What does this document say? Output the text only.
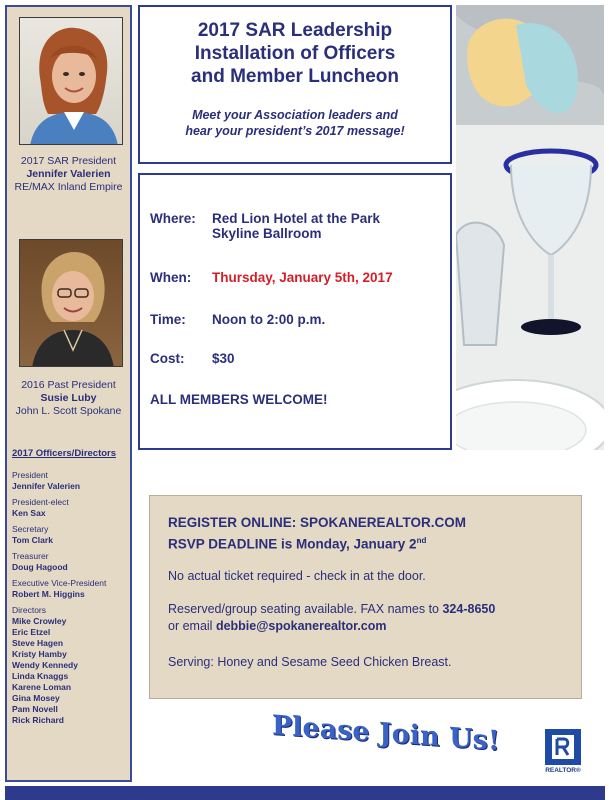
2017 SAR President
Jennifer Valerien
RE/MAX Inland Empire
2016 Past President
Susie Luby
John L. Scott Spokane
2017 Officers/Directors
President
Jennifer Valerien
President-elect
Ken Sax
Secretary
Tom Clark
Treasurer
Doug Hagood
Executive Vice-President
Robert M. Higgins
Directors
Mike Crowley
Eric Etzel
Steve Hagen
Kristy Hamby
Wendy Kennedy
Linda Knaggs
Karene Loman
Gina Mosey
Pam Novell
Rick Richard
2017 SAR Leadership
Installation of Officers
and Member Luncheon
Meet your Association leaders and
hear your president’s 2017 message!
Where: Red Lion Hotel at the Park
Skyline Ballroom
When: Thursday, January 5th, 2017
Time: Noon to 2:00 p.m.
Cost: $30
ALL MEMBERS WELCOME!
REGISTER ONLINE: SPOKANEREALTOR.COM
RSVP DEADLINE is Monday, January 2nd
No actual ticket required - check in at the door.
Reserved/group seating available. FAX names to 324-8650
or email debbie@spokanerealtor.com
Serving: Honey and Sesame Seed Chicken Breast.
Please Join Us!
REALTOR®
